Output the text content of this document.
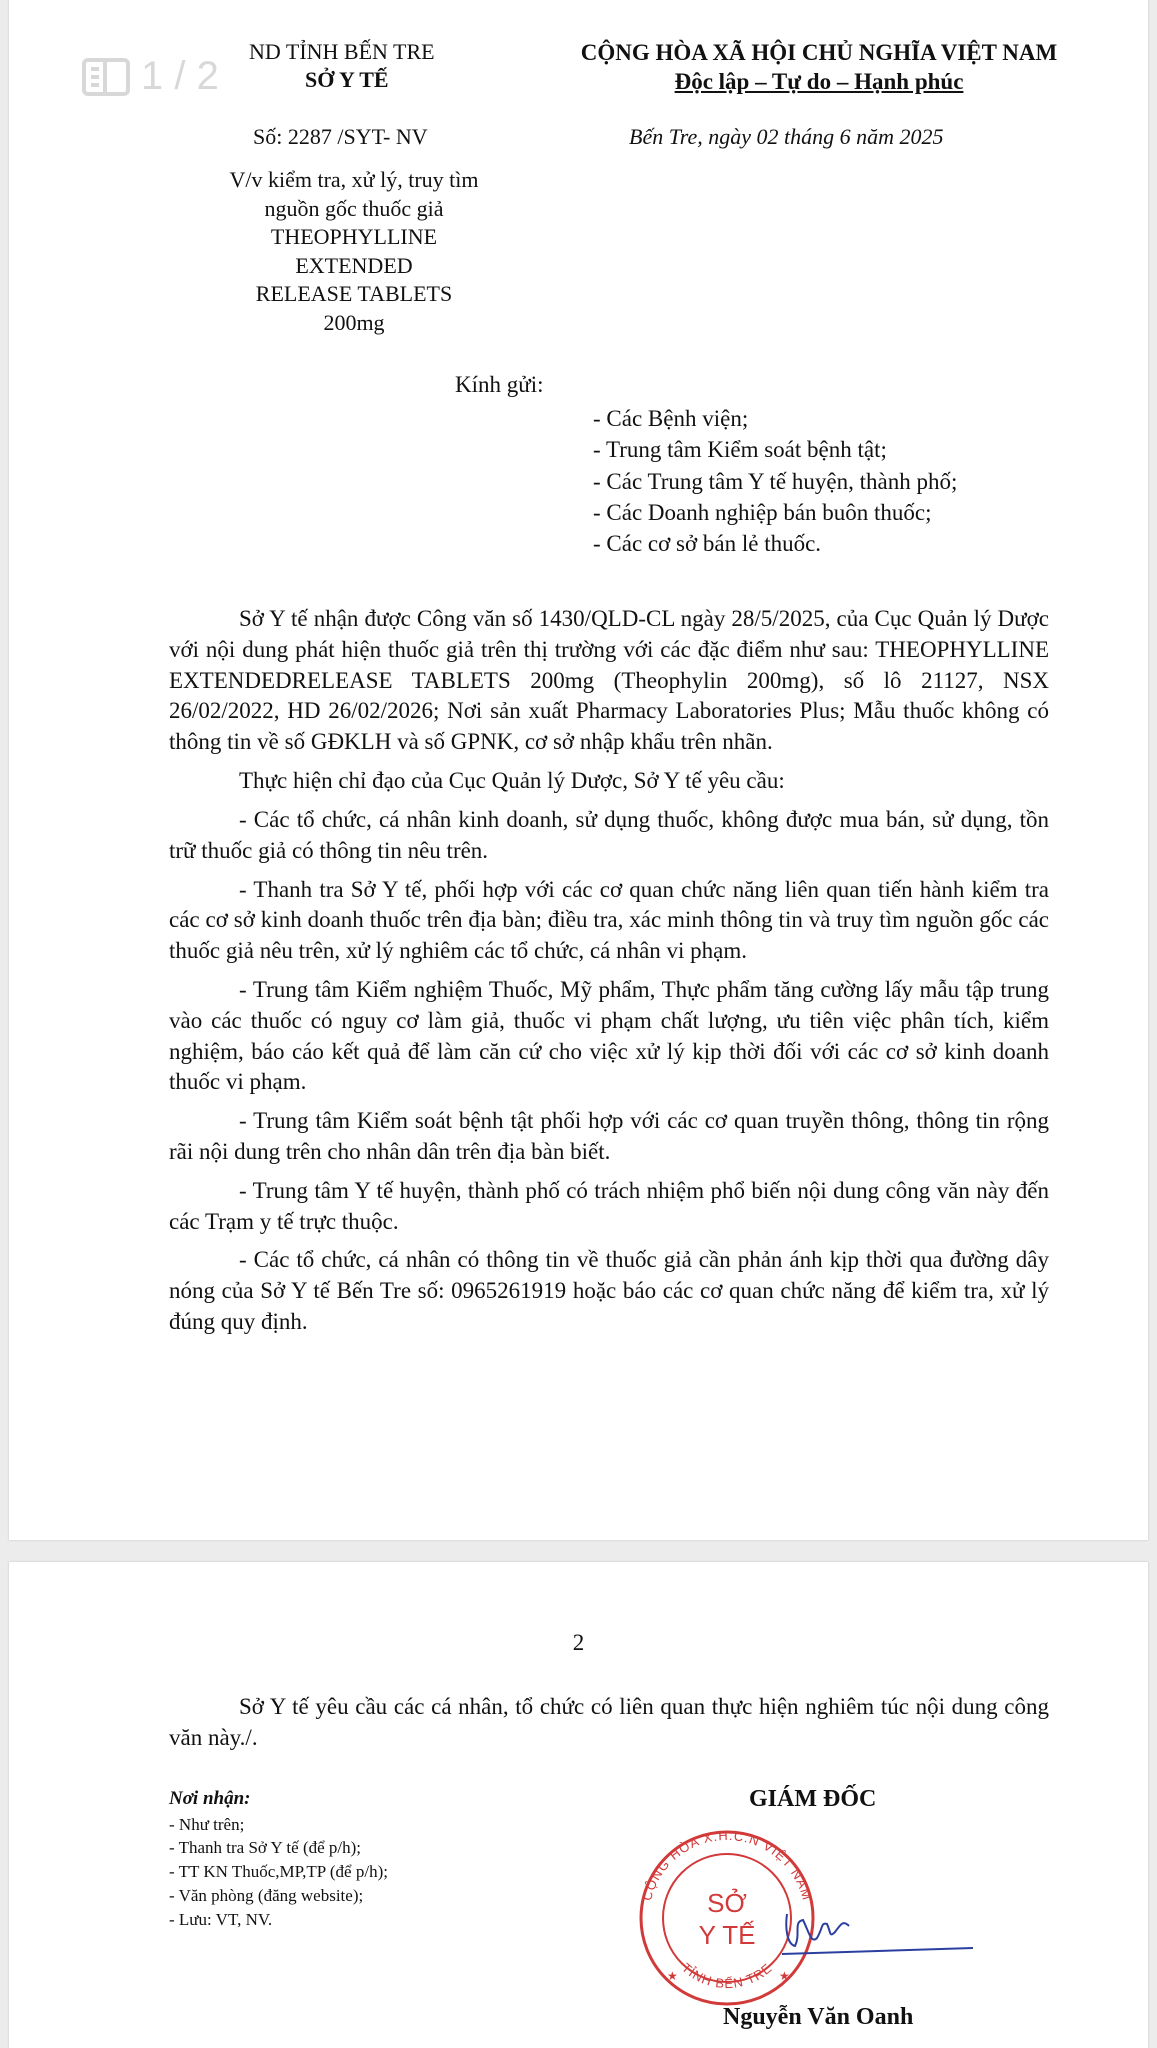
1 / 2
ND TỈNH BẾN TRE
SỞ Y TẾ
CỘNG HÒA XÃ HỘI CHỦ NGHĨA VIỆT NAM
Độc lập – Tự do – Hạnh phúc
Số: 2287 /SYT- NV	Bến Tre, ngày 02 tháng 6 năm 2025
V/v kiểm tra, xử lý, truy tìm
nguồn gốc thuốc giả
THEOPHYLLINE
EXTENDED
RELEASE TABLETS
200mg
Kính gửi:
- Các Bệnh viện;
- Trung tâm Kiểm soát bệnh tật;
- Các Trung tâm Y tế huyện, thành phố;
- Các Doanh nghiệp bán buôn thuốc;
- Các cơ sở bán lẻ thuốc.

Sở Y tế nhận được Công văn số 1430/QLD-CL ngày 28/5/2025, của Cục Quản lý Dược với nội dung phát hiện thuốc giả trên thị trường với các đặc điểm như sau: THEOPHYLLINE EXTENDEDRELEASE TABLETS 200mg (Theophylin 200mg), số lô 21127, NSX 26/02/2022, HD 26/02/2026; Nơi sản xuất Pharmacy Laboratories Plus; Mẫu thuốc không có thông tin về số GĐKLH và số GPNK, cơ sở nhập khẩu trên nhãn.

Thực hiện chỉ đạo của Cục Quản lý Dược, Sở Y tế yêu cầu:

- Các tổ chức, cá nhân kinh doanh, sử dụng thuốc, không được mua bán, sử dụng, tồn trữ thuốc giả có thông tin nêu trên.

- Thanh tra Sở Y tế, phối hợp với các cơ quan chức năng liên quan tiến hành kiểm tra các cơ sở kinh doanh thuốc trên địa bàn; điều tra, xác minh thông tin và truy tìm nguồn gốc các thuốc giả nêu trên, xử lý nghiêm các tổ chức, cá nhân vi phạm.

- Trung tâm Kiểm nghiệm Thuốc, Mỹ phẩm, Thực phẩm tăng cường lấy mẫu tập trung vào các thuốc có nguy cơ làm giả, thuốc vi phạm chất lượng, ưu tiên việc phân tích, kiểm nghiệm, báo cáo kết quả để làm căn cứ cho việc xử lý kịp thời đối với các cơ sở kinh doanh thuốc vi phạm.

- Trung tâm Kiểm soát bệnh tật phối hợp với các cơ quan truyền thông, thông tin rộng rãi nội dung trên cho nhân dân trên địa bàn biết.

- Trung tâm Y tế huyện, thành phố có trách nhiệm phổ biến nội dung công văn này đến các Trạm y tế trực thuộc.

- Các tổ chức, cá nhân có thông tin về thuốc giả cần phản ánh kịp thời qua đường dây nóng của Sở Y tế Bến Tre số: 0965261919 hoặc báo các cơ quan chức năng để kiểm tra, xử lý đúng quy định.

2

Sở Y tế yêu cầu các cá nhân, tổ chức có liên quan thực hiện nghiêm túc nội dung công văn này./.

Nơi nhận:
- Như trên;
- Thanh tra Sở Y tế (để p/h);
- TT KN Thuốc,MP,TP (để p/h);
- Văn phòng (đăng website);
- Lưu: VT, NV.
GIÁM ĐỐC
CỘNG HÒA X.H.C.N VIỆT NAM
TỈNH BẾN TRE
SỞ
Y TẾ
★	★
Nguyễn Văn Oanh
